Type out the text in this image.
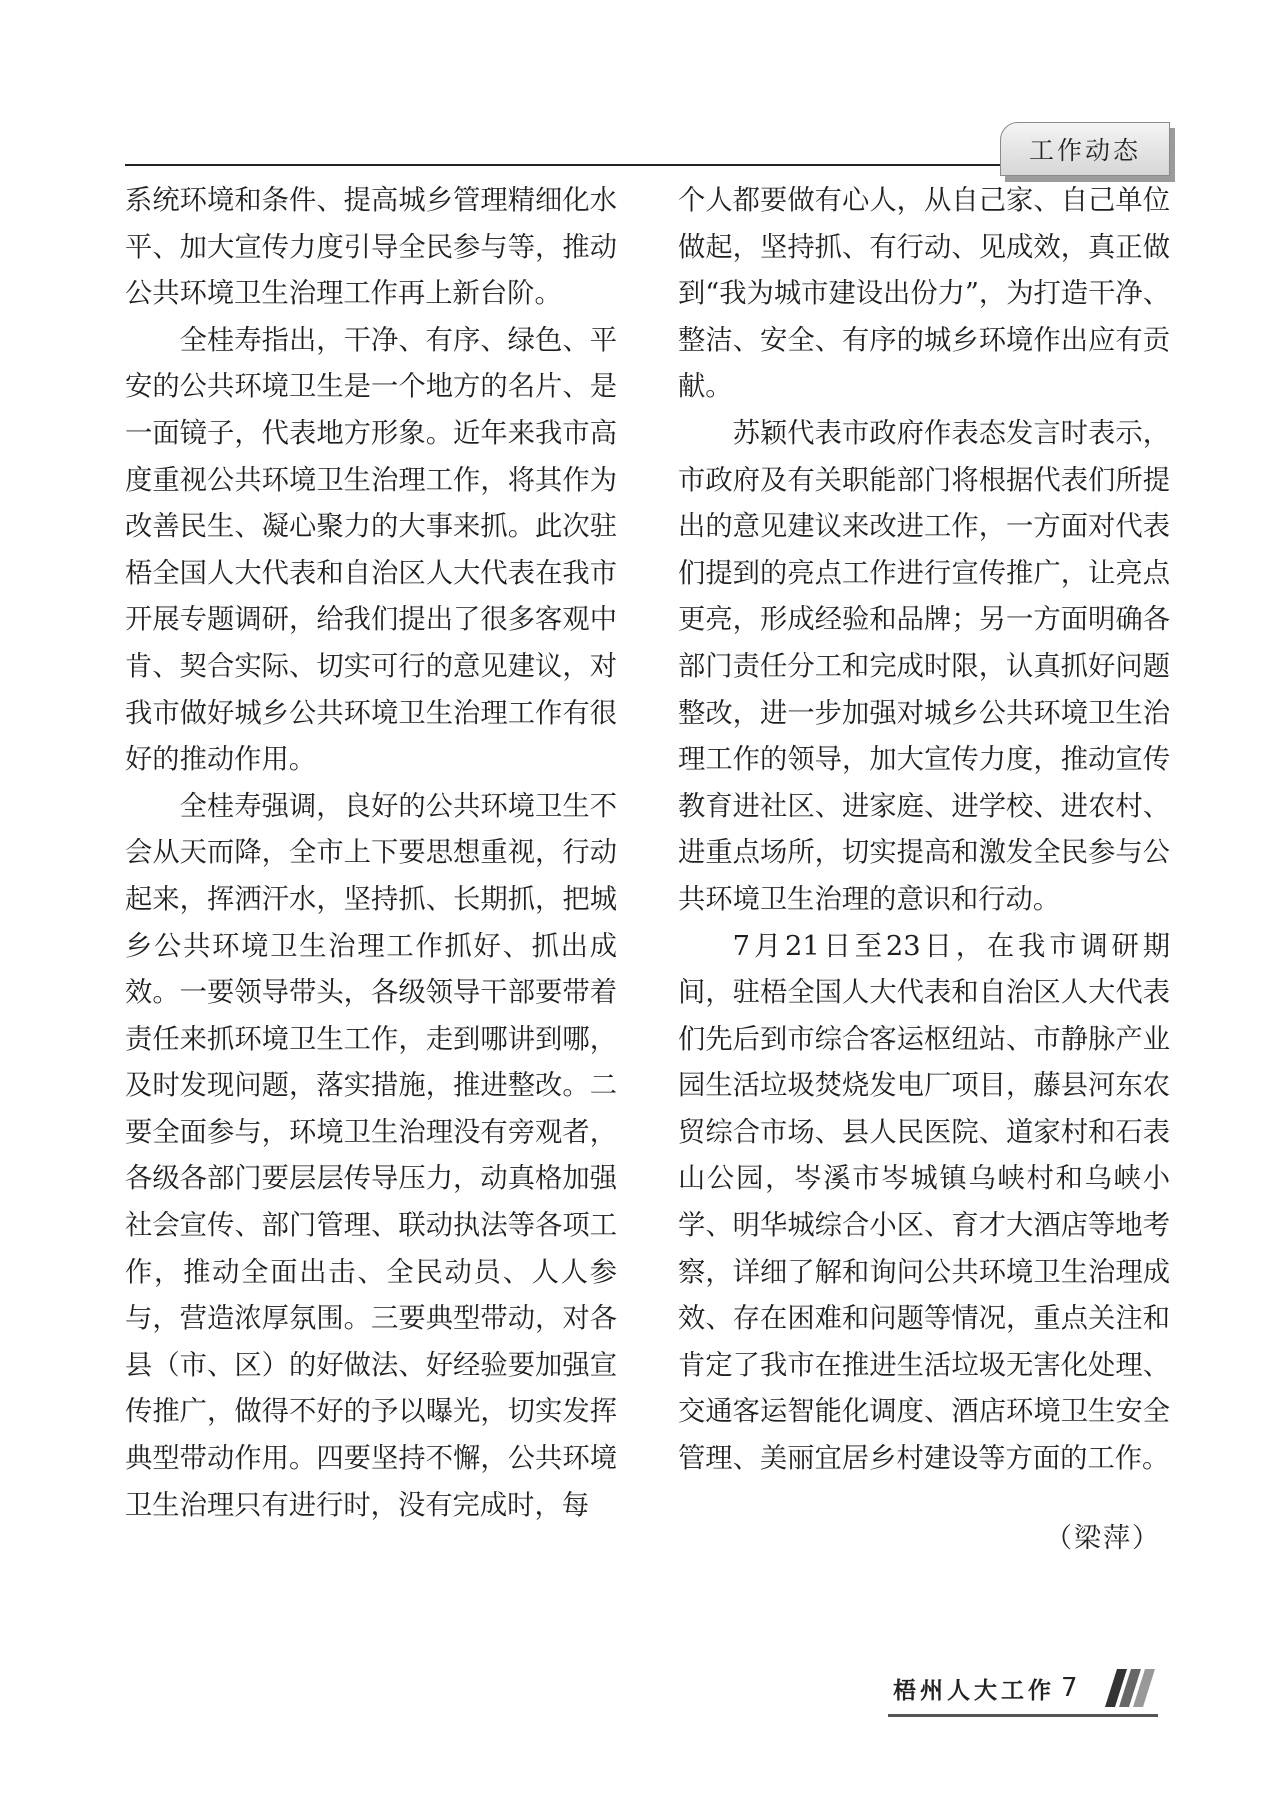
工作动态

系统环境和条件、提高城乡管理精细化水平、加大宣传力度引导全民参与等，推动公共环境卫生治理工作再上新台阶。

全桂寿指出，干净、有序、绿色、平安的公共环境卫生是一个地方的名片、是一面镜子，代表地方形象。近年来我市高度重视公共环境卫生治理工作，将其作为改善民生、凝心聚力的大事来抓。此次驻梧全国人大代表和自治区人大代表在我市开展专题调研，给我们提出了很多客观中肯、契合实际、切实可行的意见建议，对我市做好城乡公共环境卫生治理工作有很好的推动作用。

全桂寿强调，良好的公共环境卫生不会从天而降，全市上下要思想重视，行动起来，挥洒汗水，坚持抓、长期抓，把城乡公共环境卫生治理工作抓好、抓出成效。一要领导带头，各级领导干部要带着责任来抓环境卫生工作，走到哪讲到哪，及时发现问题，落实措施，推进整改。二要全面参与，环境卫生治理没有旁观者，各级各部门要层层传导压力，动真格加强社会宣传、部门管理、联动执法等各项工作，推动全面出击、全民动员、人人参与，营造浓厚氛围。三要典型带动，对各县（市、区）的好做法、好经验要加强宣传推广，做得不好的予以曝光，切实发挥典型带动作用。四要坚持不懈，公共环境卫生治理只有进行时，没有完成时，每

个人都要做有心人，从自己家、自己单位做起，坚持抓、有行动、见成效，真正做到“我为城市建设出份力”，为打造干净、整洁、安全、有序的城乡环境作出应有贡献。

苏颖代表市政府作表态发言时表示，市政府及有关职能部门将根据代表们所提出的意见建议来改进工作，一方面对代表们提到的亮点工作进行宣传推广，让亮点更亮，形成经验和品牌；另一方面明确各部门责任分工和完成时限，认真抓好问题整改，进一步加强对城乡公共环境卫生治理工作的领导，加大宣传力度，推动宣传教育进社区、进家庭、进学校、进农村、进重点场所，切实提高和激发全民参与公共环境卫生治理的意识和行动。

7月21日至23日，在我市调研期间，驻梧全国人大代表和自治区人大代表们先后到市综合客运枢纽站、市静脉产业园生活垃圾焚烧发电厂项目，藤县河东农贸综合市场、县人民医院、道家村和石表山公园，岑溪市岑城镇乌峡村和乌峡小学、明华城综合小区、育才大酒店等地考察，详细了解和询问公共环境卫生治理成效、存在困难和问题等情况，重点关注和肯定了我市在推进生活垃圾无害化处理、交通客运智能化调度、酒店环境卫生安全管理、美丽宜居乡村建设等方面的工作。

（梁萍）
梧州人大工作 7
